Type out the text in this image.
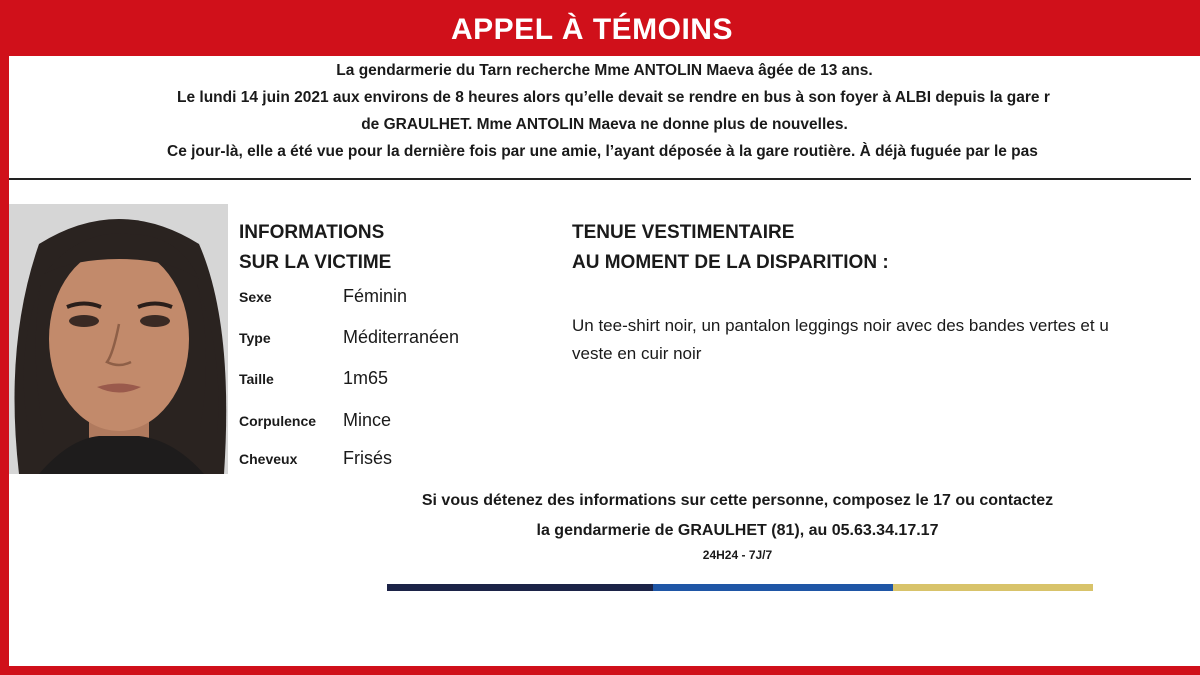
APPEL À TÉMOINS
La gendarmerie du Tarn recherche Mme ANTOLIN Maeva âgée de 13 ans.
Le lundi 14 juin 2021 aux environs de 8 heures alors qu’elle devait se rendre en bus à son foyer à ALBI depuis la gare r
de GRAULHET. Mme ANTOLIN Maeva ne donne plus de nouvelles.
Ce jour-là, elle a été vue pour la dernière fois par une amie, l’ayant déposée à la gare routière. À déjà fuguée par le pas
INFORMATIONS
SUR LA VICTIME
Sexe	Féminin
Type	Méditerranéen
Taille	1m65
Corpulence Mince
Cheveux	Frisés
TENUE VESTIMENTAIRE
AU MOMENT DE LA DISPARITION :
Un tee-shirt noir, un pantalon leggings noir avec des bandes vertes et u
veste en cuir noir
Si vous détenez des informations sur cette personne, composez le 17 ou contactez
la gendarmerie de GRAULHET (81), au 05.63.34.17.17
24H24 - 7J/7
